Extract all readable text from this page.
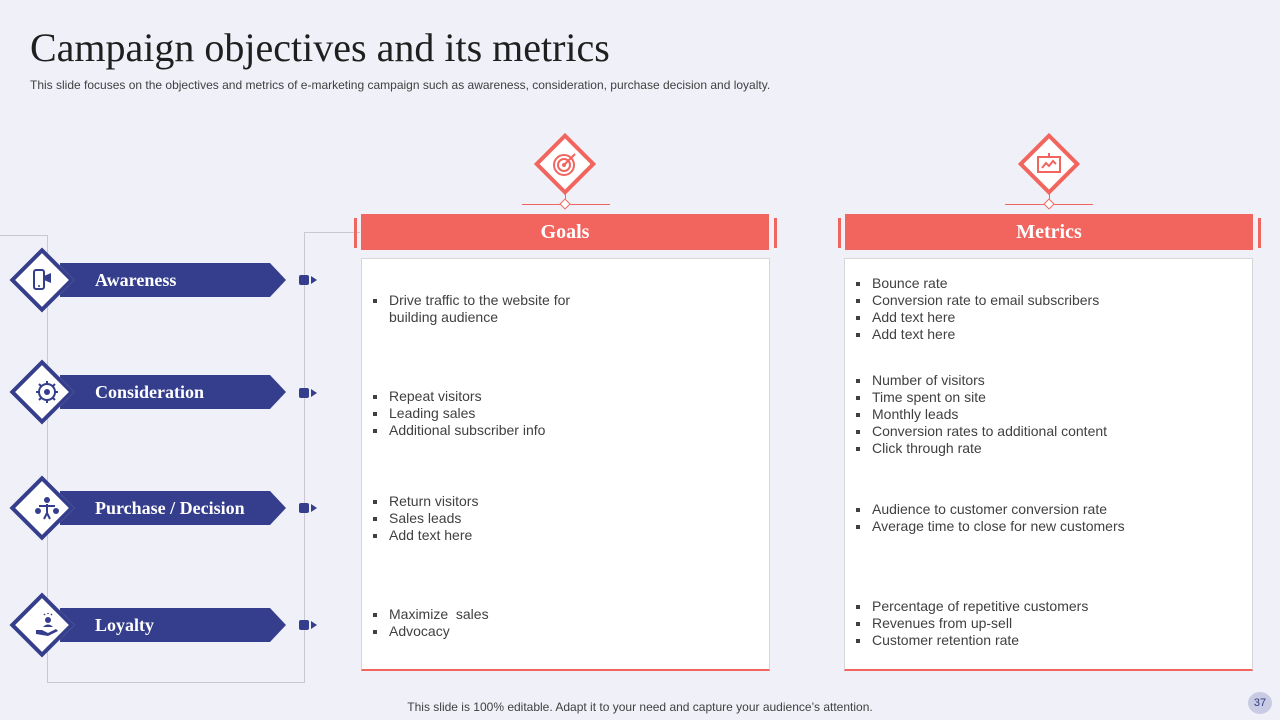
Campaign objectives and its metrics
This slide focuses on the objectives and metrics of e-marketing campaign such as awareness, consideration, purchase decision and loyalty.
Awareness
Consideration
Purchase / Decision
Loyalty
Goals
Drive traffic to the website for building audience
Repeat visitors
Leading sales
Additional subscriber info
Return visitors
Sales leads
Add text here
Maximize  sales
Advocacy
Metrics
Bounce rate
Conversion rate to email subscribers
Add text here
Add text here
Number of visitors
Time spent on site
Monthly leads
Conversion rates to additional content
Click through rate
Audience to customer conversion rate
Average time to close for new customers
Percentage of repetitive customers
Revenues from up-sell
Customer retention rate
This slide is 100% editable. Adapt it to your need and capture your audience’s attention.	37
